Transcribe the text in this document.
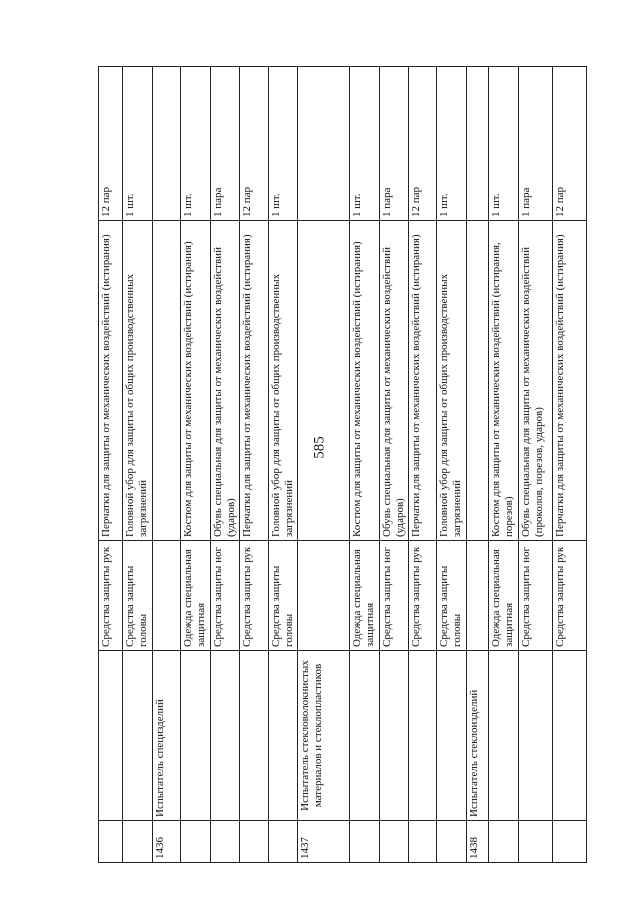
585
		Средства защиты рук	Перчатки для защиты от механических воздействий (истирания)	12 пар
		Средства защиты головы	Головной убор для защиты от общих производственных загрязнений	1 шт.
1436	Испытатель специзделий			
		Одежда специальная защитная	Костюм для защиты от механических воздействий (истирания)	1 шт.
		Средства защиты ног	Обувь специальная для защиты от механических воздействий (ударов)	1 пара
		Средства защиты рук	Перчатки для защиты от механических воздействий (истирания)	12 пар
		Средства защиты головы	Головной убор для защиты от общих производственных загрязнений	1 шт.
1437	Испытатель стекловолокнистых материалов и стеклопластиков			
		Одежда специальная защитная	Костюм для защиты от механических воздействий (истирания)	1 шт.
		Средства защиты ног	Обувь специальная для защиты от механических воздействий (ударов)	1 пара
		Средства защиты рук	Перчатки для защиты от механических воздействий (истирания)	12 пар
		Средства защиты головы	Головной убор для защиты от общих производственных загрязнений	1 шт.
1438	Испытатель стеклоизделий			
		Одежда специальная защитная	Костюм для защиты от механических воздействий (истирания, порезов)	1 шт.
		Средства защиты ног	Обувь специальная для защиты от механических воздействий (проколов, порезов, ударов)	1 пара
		Средства защиты рук	Перчатки для защиты от механических воздействий (истирания)	12 пар
